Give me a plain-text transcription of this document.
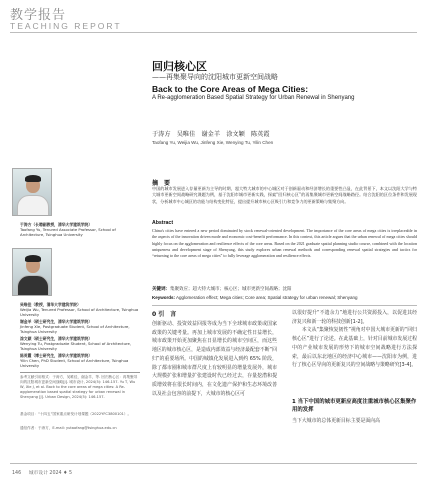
教学报告
TEACHING REPORT
回归核心区
——再集聚导向的沈阳城市更新空间战略
Back to the Core Areas of Mega Cities:
A Re-agglomeration Based Spatial Strategy for Urban Renewal in Shenyang
于涛方　吴唯佳　谢金羊　涂文颖　陈英霞
Taofang Yu, Weijia Wu, Jinfeng Xie, Wenying Tu, Yilin Chen
于涛方（长聘副教授，清华大学建筑学院）
Taofang Yu, Tenured Associate Professor, School of Architecture, Tsinghua University
吴唯佳（教授，清华大学建筑学院）
Weijia Wu, Tenured Professor, School of Architecture, Tsinghua University
谢金羊（硕士研究生，清华大学建筑学院）
Jinfeng Xie, Postgraduate Student, School of Architecture, Tsinghua University
涂文颖（硕士研究生，清华大学建筑学院）
Wenying Tu, Postgraduate Student, School of Architecture, Tsinghua University
陈英霞（博士研究生，清华大学建筑学院）
Yilin Chen, PhD Student, School of Architecture, Tsinghua University
参考文献引用格式：于涛方，吴唯佳，谢金羊，等. 回归核心区：再集聚导向的沈阳城市更新空间战略[J]. 城市设计, 2024(5): 146-157. Yu T, Wu W, Xie J, et al. Back to the core areas of mega cities: A Re-agglomeration based spatial strategy for urban renewal in Shenyang [J]. Urban Design, 2024(5): 146-157.
基金项目：“十四五”国家重点研发计划课题（2022YFC3800101）。
通信作者：于涛方，E-mail: yutaofang@tsinghua.edu.cn
摘　要
中国的城市发展进入存量更新为主导的时期，超大特大城市的中心城区对于创新驱动和经济增长的重要性凸显，在此背景下，本文以沈阳大学与特大城市更新空间战略研究课题为例，基于沈阳市城市更新实践，探索“回归核心区”的再集聚城市更新空间战略路径。结合沈阳的区位条件和发展现状，分析城市中心城区的功能与结构变化特征，提出提升城市核心区吸引力和竞争力的更新策略与集聚方向。
Abstract
China's cities have entered a new period dominated by stock renewal-oriented development. The importance of the core areas of mega cities is irreplaceable in the aspects of the innovation driven mode and economic cost-benefit performance. In this context, this article argues that the urban renewal of mega cities should highly focus on the agglomeration and resilience effects of the core areas. Based on the 2021 graduate spatial planning studio course, combined with the location uniqueness and development stage of Shenyang, this study explores urban renewal methods and corresponding renewal spatial strategies and tactics for “returning to the core areas of mega cities” to fully leverage agglomeration and resilience effects.
关键词：集聚效应；超大特大城市；核心区；城市更新空间战略；沈阳
Keywords: Agglomeration effect; Mega cities; Core area; Spatial strategy for urban renewal; Shenyang
0 引　言
创新驱动、投资效益回报等成为当下全球城市政策或国家政策的关键考量。再加上城市发展的不确定性日益增长，城市政策开始更加聚焦在日显增长的城市空间区，而这些地区的城市核心区，是造成内部效益与经济最配套不断“回归”的重要场所。中国的城镇化发展进入到约 65% 阶段，除了都市圈和城市群尺度上有较明显的增量发展外，城市大规模扩张和增量扩张建设时代已经过去，存量挖潜和提质增效将在很长时间内，在文化遗产保护和生态环境改善以及社会包容的前提下，大城市的核心区可
以很好提升“不遗余力”地进行公共资源投入，以促进其经济复兴和新一轮的科技创新[1-2]。
　　本文从“集聚恢复韧性”视角对中国大城市更新的“回归核心区”进行了论述。在此基础上，针对目前城市发展过程中的产业城市发展的形势下的城市空间战略进行方法探索，最后以东北地区的经济中心城市——沈阳市为例，进行了核心区导向的更新复兴的空间战略与策略研究[3-4]。
1 当下中国的城市更新应高度注重城市核心区集聚作用的发挥
当下大城市的总体更新目标主要是面向高
146 城市设计 2024 ♦ 5
